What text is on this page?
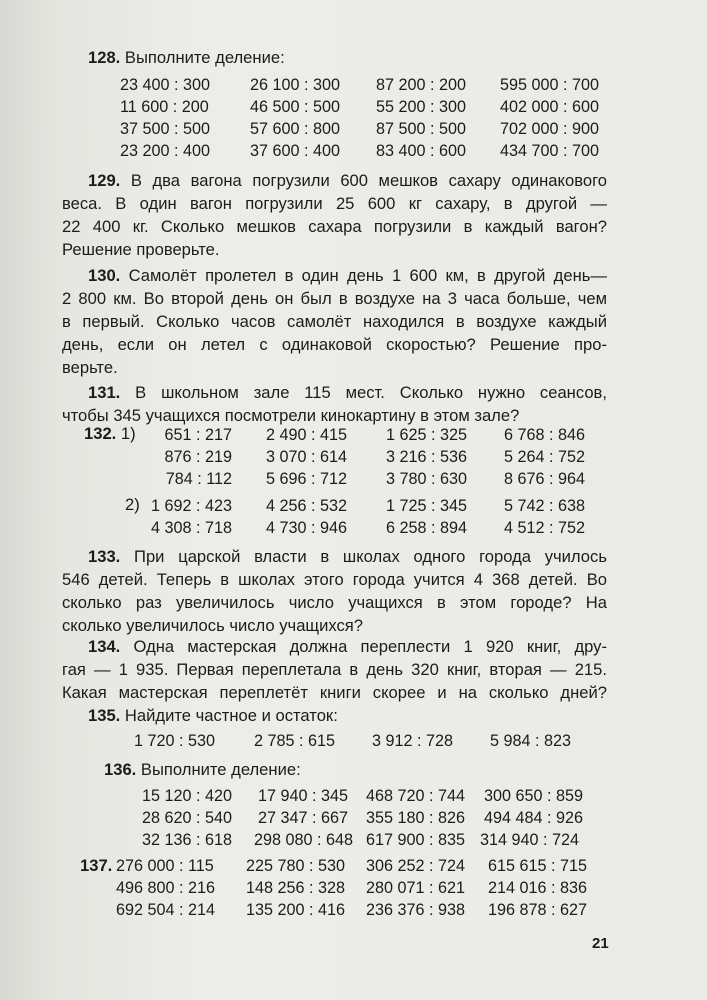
128. Выполните деление:
23 400 : 300 26 100 : 300 87 200 : 200 595 000 : 700
11 600 : 200	46 500 : 500 55 200 : 300 402 000 : 600
37 500 : 500 57 600 : 800 87 500 : 500 702 000 : 900
23 200 : 400 37 600 : 400 83 400 : 600 434 700 : 700
129. В два вагона погрузили 600 мешков сахару одинакового
веса. В один вагон погрузили 25 600 кг сахару, в другой —
22 400 кг. Сколько мешков сахара погрузили в каждый вагон?
Решение проверьте.
130. Самолёт пролетел в один день 1 600 км, в другой день—
2 800 км. Во второй день он был в воздухе на 3 часа больше, чем
в первый. Сколько часов самолёт находился в воздухе каждый
день, если он летел с одинаковой скоростью? Решение про-
верьте.
131. В школьном зале 115 мест. Сколько нужно сеансов,
чтобы 345 учащихся посмотрели кинокартину в этом зале?
132. 1)	651 : 217 2 490 : 415 1 625 : 325 6 768 : 846
876 : 219 3 070 : 614 3 216 : 536 5 264 : 752
784 : 112 5 696 : 712 3 780 : 630 8 676 : 964
2) 1 692 : 423 4 256 : 532 1 725 : 345 5 742 : 638
4 308 : 718 4 730 : 946 6 258 : 894 4 512 : 752
133. При царской власти в школах одного города училось
546 детей. Теперь в школах этого города учится 4 368 детей. Во
сколько раз увеличилось число учащихся в этом городе? На
сколько увеличилось число учащихся?
134. Одна мастерская должна переплести 1 920 книг, дру-
гая — 1 935. Первая переплетала в день 320 книг, вторая — 215.
Какая мастерская переплетёт книги скорее и на сколько дней?
135. Найдите частное и остаток:
1 720 : 530 2 785 : 615 3 912 : 728 5 984 : 823
136. Выполните деление:
15 120 : 420 17 940 : 345 468 720 : 744 300 650 : 859
28 620 : 540 27 347 : 667 355 180 : 826 494 484 : 926
32 136 : 618 298 080 : 648 617 900 : 835 314 940 : 724
137. 276 000 : 115 225 780 : 530 306 252 : 724 615 615 : 715
496 800 : 216 148 256 : 328 280 071 : 621 214 016 : 836
692 504 : 214 135 200 : 416 236 376 : 938 196 878 : 627
21
